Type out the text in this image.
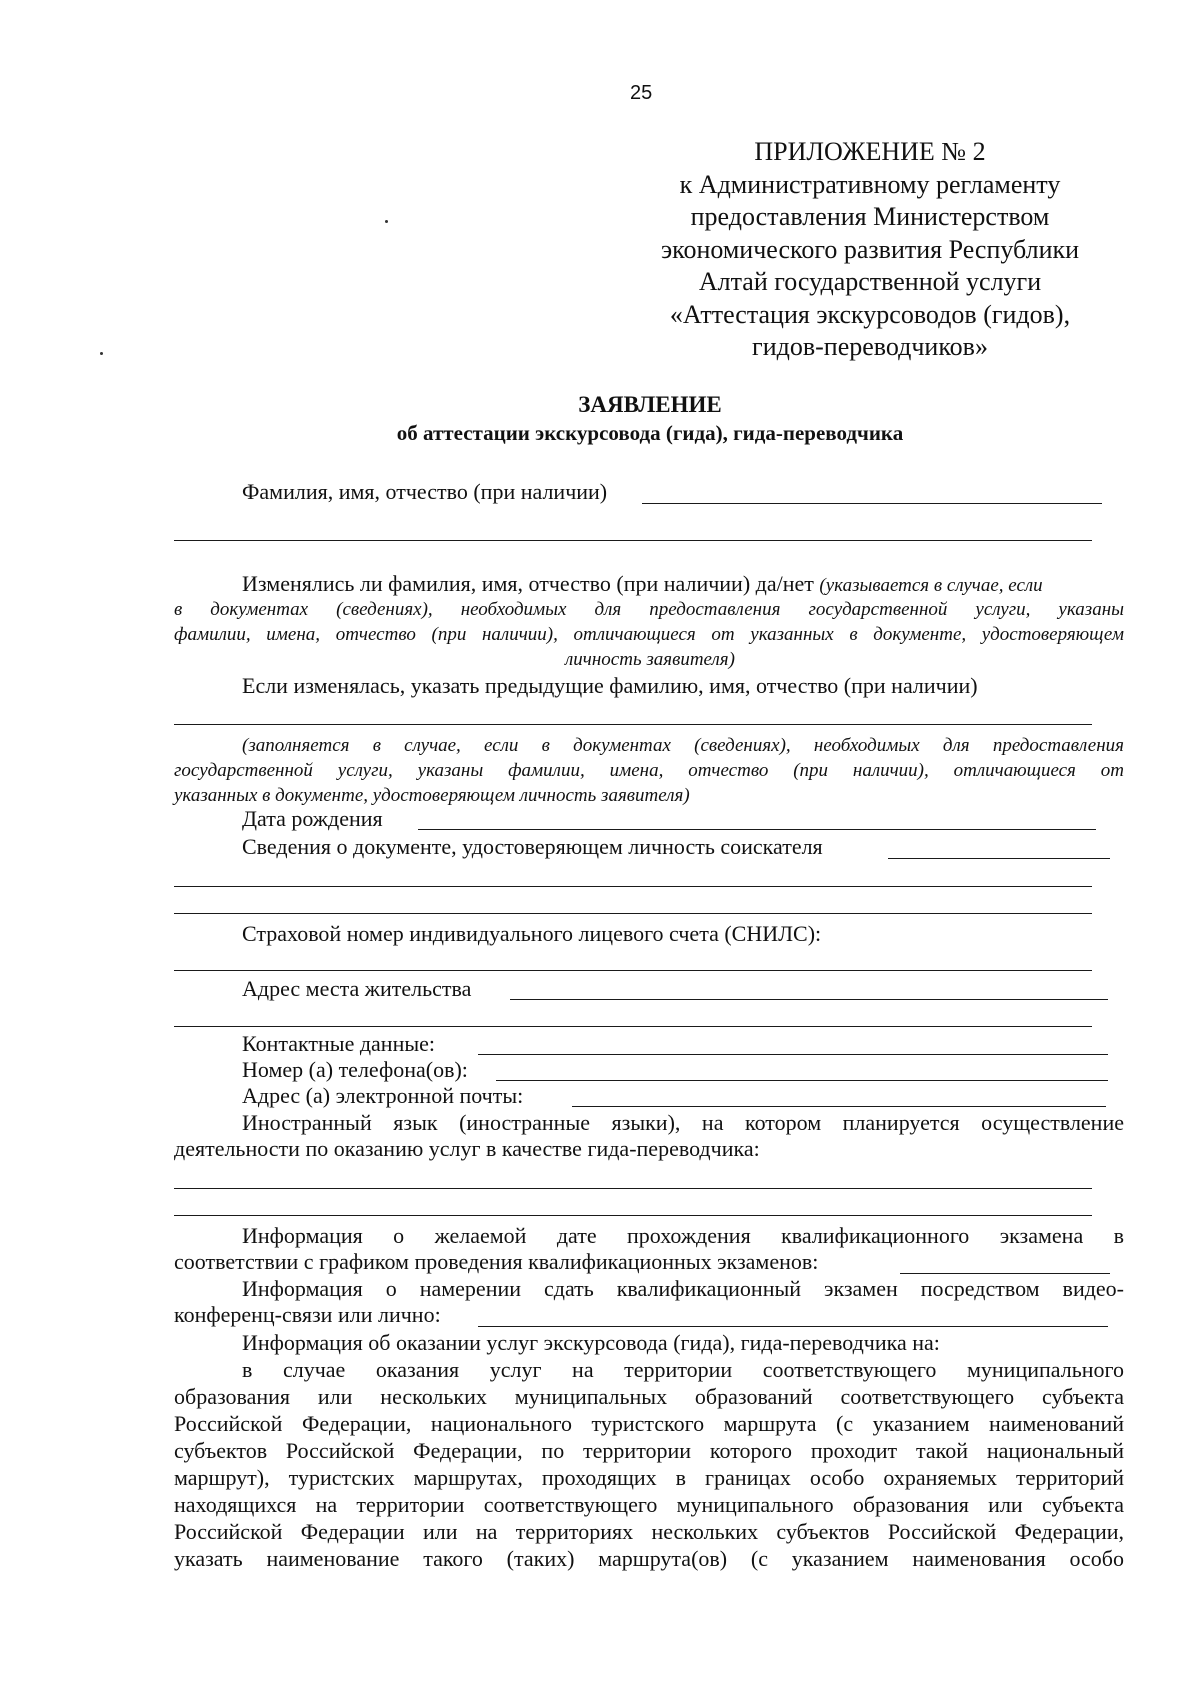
25
ПРИЛОЖЕНИЕ № 2
к Административному регламенту
предоставления Министерством
экономического развития Республики
Алтай государственной услуги
«Аттестация экскурсоводов (гидов),
гидов-переводчиков»
ЗАЯВЛЕНИЕ
об аттестации экскурсовода (гида), гида-переводчика
Фамилия, имя, отчество (при наличии)
Изменялись ли фамилия, имя, отчество (при наличии) да/нет (указывается в случае, если
в документах (сведениях), необходимых для предоставления государственной услуги, указаны
фамилии, имена, отчество (при наличии), отличающиеся от указанных в документе, удостоверяющем
личность заявителя)
Если изменялась, указать предыдущие фамилию, имя, отчество (при наличии)
(заполняется в случае, если в документах (сведениях), необходимых для предоставления
государственной услуги, указаны фамилии, имена, отчество (при наличии), отличающиеся от
указанных в документе, удостоверяющем личность заявителя)
Дата рождения
Сведения о документе, удостоверяющем личность соискателя
Страховой номер индивидуального лицевого счета (СНИЛС):
Адрес места жительства
Контактные данные:
Номер (а) телефона(ов):
Адрес (а) электронной почты:
Иностранный язык (иностранные языки), на котором планируется осуществление
деятельности по оказанию услуг в качестве гида-переводчика:
Информация о желаемой дате прохождения квалификационного экзамена в
соответствии с графиком проведения квалификационных экзаменов:
Информация о намерении сдать квалификационный экзамен посредством видео-
конференц-связи или лично:
Информация об оказании услуг экскурсовода (гида), гида-переводчика на:
в случае оказания услуг на территории соответствующего муниципального
образования или нескольких муниципальных образований соответствующего субъекта
Российской Федерации, национального туристского маршрута (с указанием наименований
субъектов Российской Федерации, по территории которого проходит такой национальный
маршрут), туристских маршрутах, проходящих в границах особо охраняемых территорий
находящихся на территории соответствующего муниципального образования или субъекта
Российской Федерации или на территориях нескольких субъектов Российской Федерации,
указать наименование такого (таких) маршрута(ов) (с указанием наименования особо
